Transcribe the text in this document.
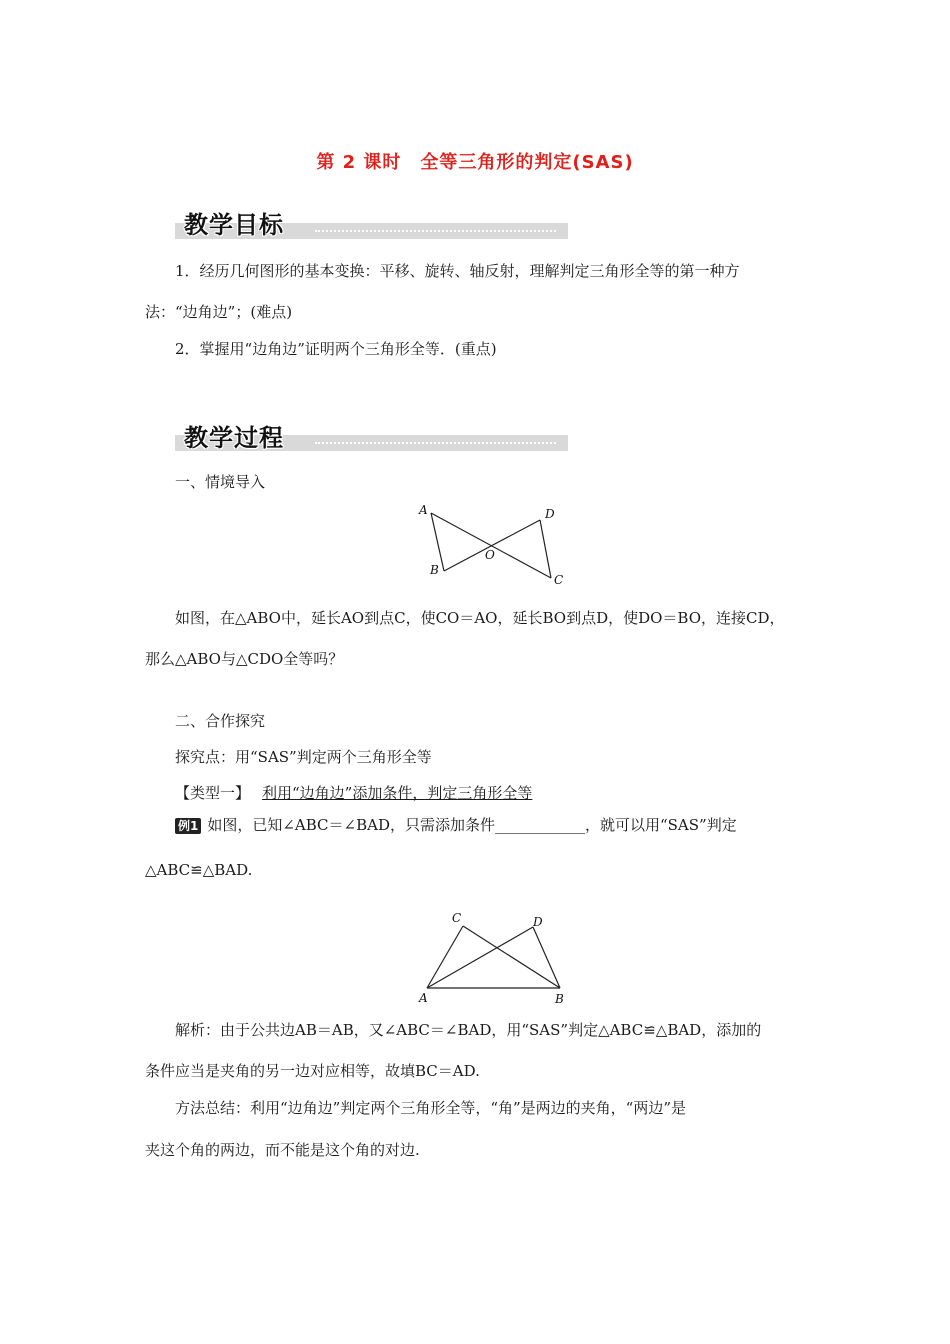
第 2 课时　全等三角形的判定(SAS)
教学目标
1．经历几何图形的基本变换：平移、旋转、轴反射，理解判定三角形全等的第一种方
法：“边角边”；(难点)
2．掌握用“边角边”证明两个三角形全等．(重点)
教学过程
一、情境导入
A
B
O
D
C
如图，在△ABO中，延长AO到点C，使CO＝AO，延长BO到点D，使DO＝BO，连接CD，
那么△ABO与△CDO全等吗？
二、合作探究
探究点：用“SAS”判定两个三角形全等
【类型一】 利用“边角边”添加条件，判定三角形全等
例1 如图，已知∠ABC＝∠BAD，只需添加条件____________，就可以用“SAS”判定
△ABC≌△BAD.
C	D
A	B
解析：由于公共边AB＝AB，又∠ABC＝∠BAD，用“SAS”判定△ABC≌△BAD，添加的
条件应当是夹角的另一边对应相等，故填BC＝AD.
方法总结：利用“边角边”判定两个三角形全等，“角”是两边的夹角，“两边”是
夹这个角的两边，而不能是这个角的对边.
